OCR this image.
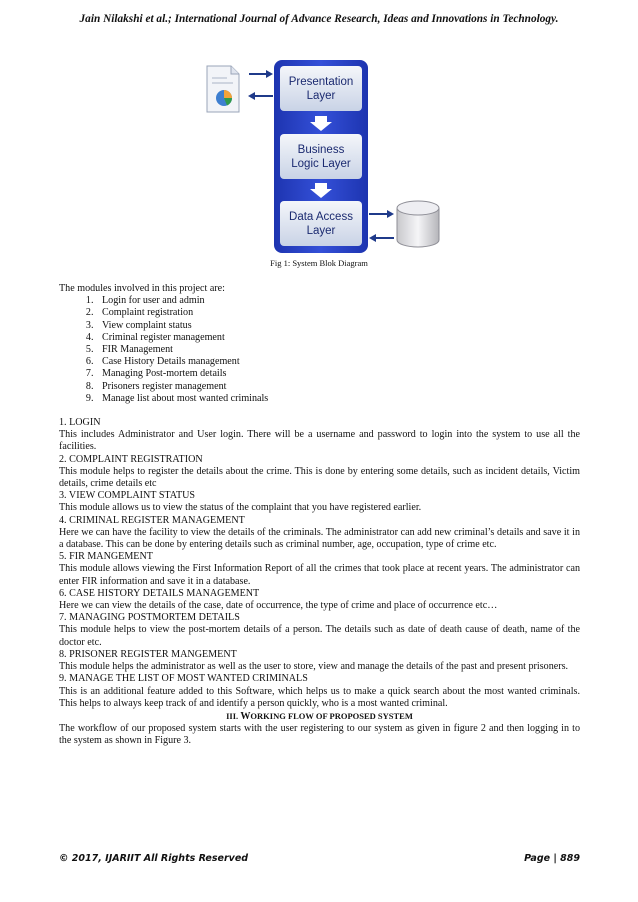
Jain Nilakshi et al.; International Journal of Advance Research, Ideas and Innovations in Technology.
Presentation
Layer
Business
Logic Layer
Data Access
Layer
Fig 1: System Blok Diagram

The modules involved in this project are:

1. Login for user and admin
2. Complaint registration
3. View complaint status
4. Criminal register management
5. FIR Management
6. Case History Details management
7. Managing Post-mortem details
8. Prisoners register management
9. Manage list about most wanted criminals

1. LOGIN

This includes Administrator and User login. There will be a username and password to login into the system to use all the facilities.

2. COMPLAINT REGISTRATION

This module helps to register the details about the crime. This is done by entering some details, such as incident details, Victim details, crime details etc

3. VIEW COMPLAINT STATUS

This module allows us to view the status of the complaint that you have registered earlier.

4. CRIMINAL REGISTER MANAGEMENT

Here we can have the facility to view the details of the criminals. The administrator can add new criminal’s details and save it in a database. This can be done by entering details such as criminal number, age, occupation, type of crime etc.

5. FIR MANGEMENT

This module allows viewing the First Information Report of all the crimes that took place at recent years. The administrator can enter FIR information and save it in a database.

6. CASE HISTORY DETAILS MANAGEMENT

Here we can view the details of the case, date of occurrence, the type of crime and place of occurrence etc…

7. MANAGING POSTMORTEM DETAILS

This module helps to view the post-mortem details of a person. The details such as date of death cause of death, name of the doctor etc.

8. PRISONER REGISTER MANGEMENT

This module helps the administrator as well as the user to store, view and manage the details of the past and present prisoners.

9. MANAGE THE LIST OF MOST WANTED CRIMINALS

This is an additional feature added to this Software, which helps us to make a quick search about the most wanted criminals. This helps to always keep track of and identify a person quickly, who is a most wanted criminal.

III. WORKING FLOW OF PROPOSED SYSTEM

The workflow of our proposed system starts with the user registering to our system as given in figure 2 and then logging in to the system as shown in Figure 3.

© 2017, IJARIIT All Rights Reserved	Page | 889
